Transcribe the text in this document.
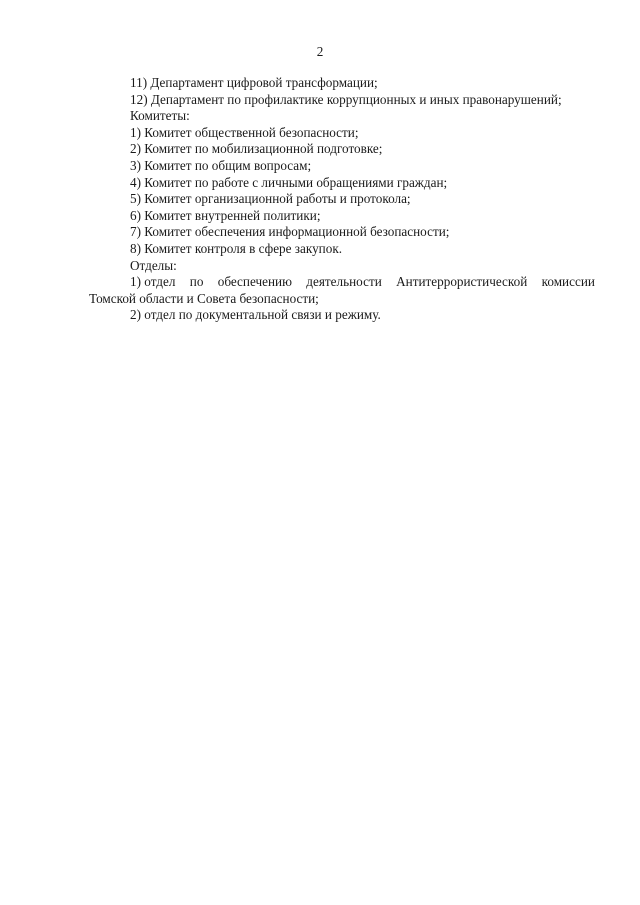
2
11) Департамент цифровой трансформации;
12) Департамент по профилактике коррупционных и иных правонарушений;
Комитеты:
1) Комитет общественной безопасности;
2) Комитет по мобилизационной подготовке;
3) Комитет по общим вопросам;
4) Комитет по работе с личными обращениями граждан;
5) Комитет организационной работы и протокола;
6) Комитет внутренней политики;
7) Комитет обеспечения информационной безопасности;
8) Комитет контроля в сфере закупок.
Отделы:
1) отдел по обеспечению деятельности Антитеррористической комиссии
Томской области и Совета безопасности;
2) отдел по документальной связи и режиму.
